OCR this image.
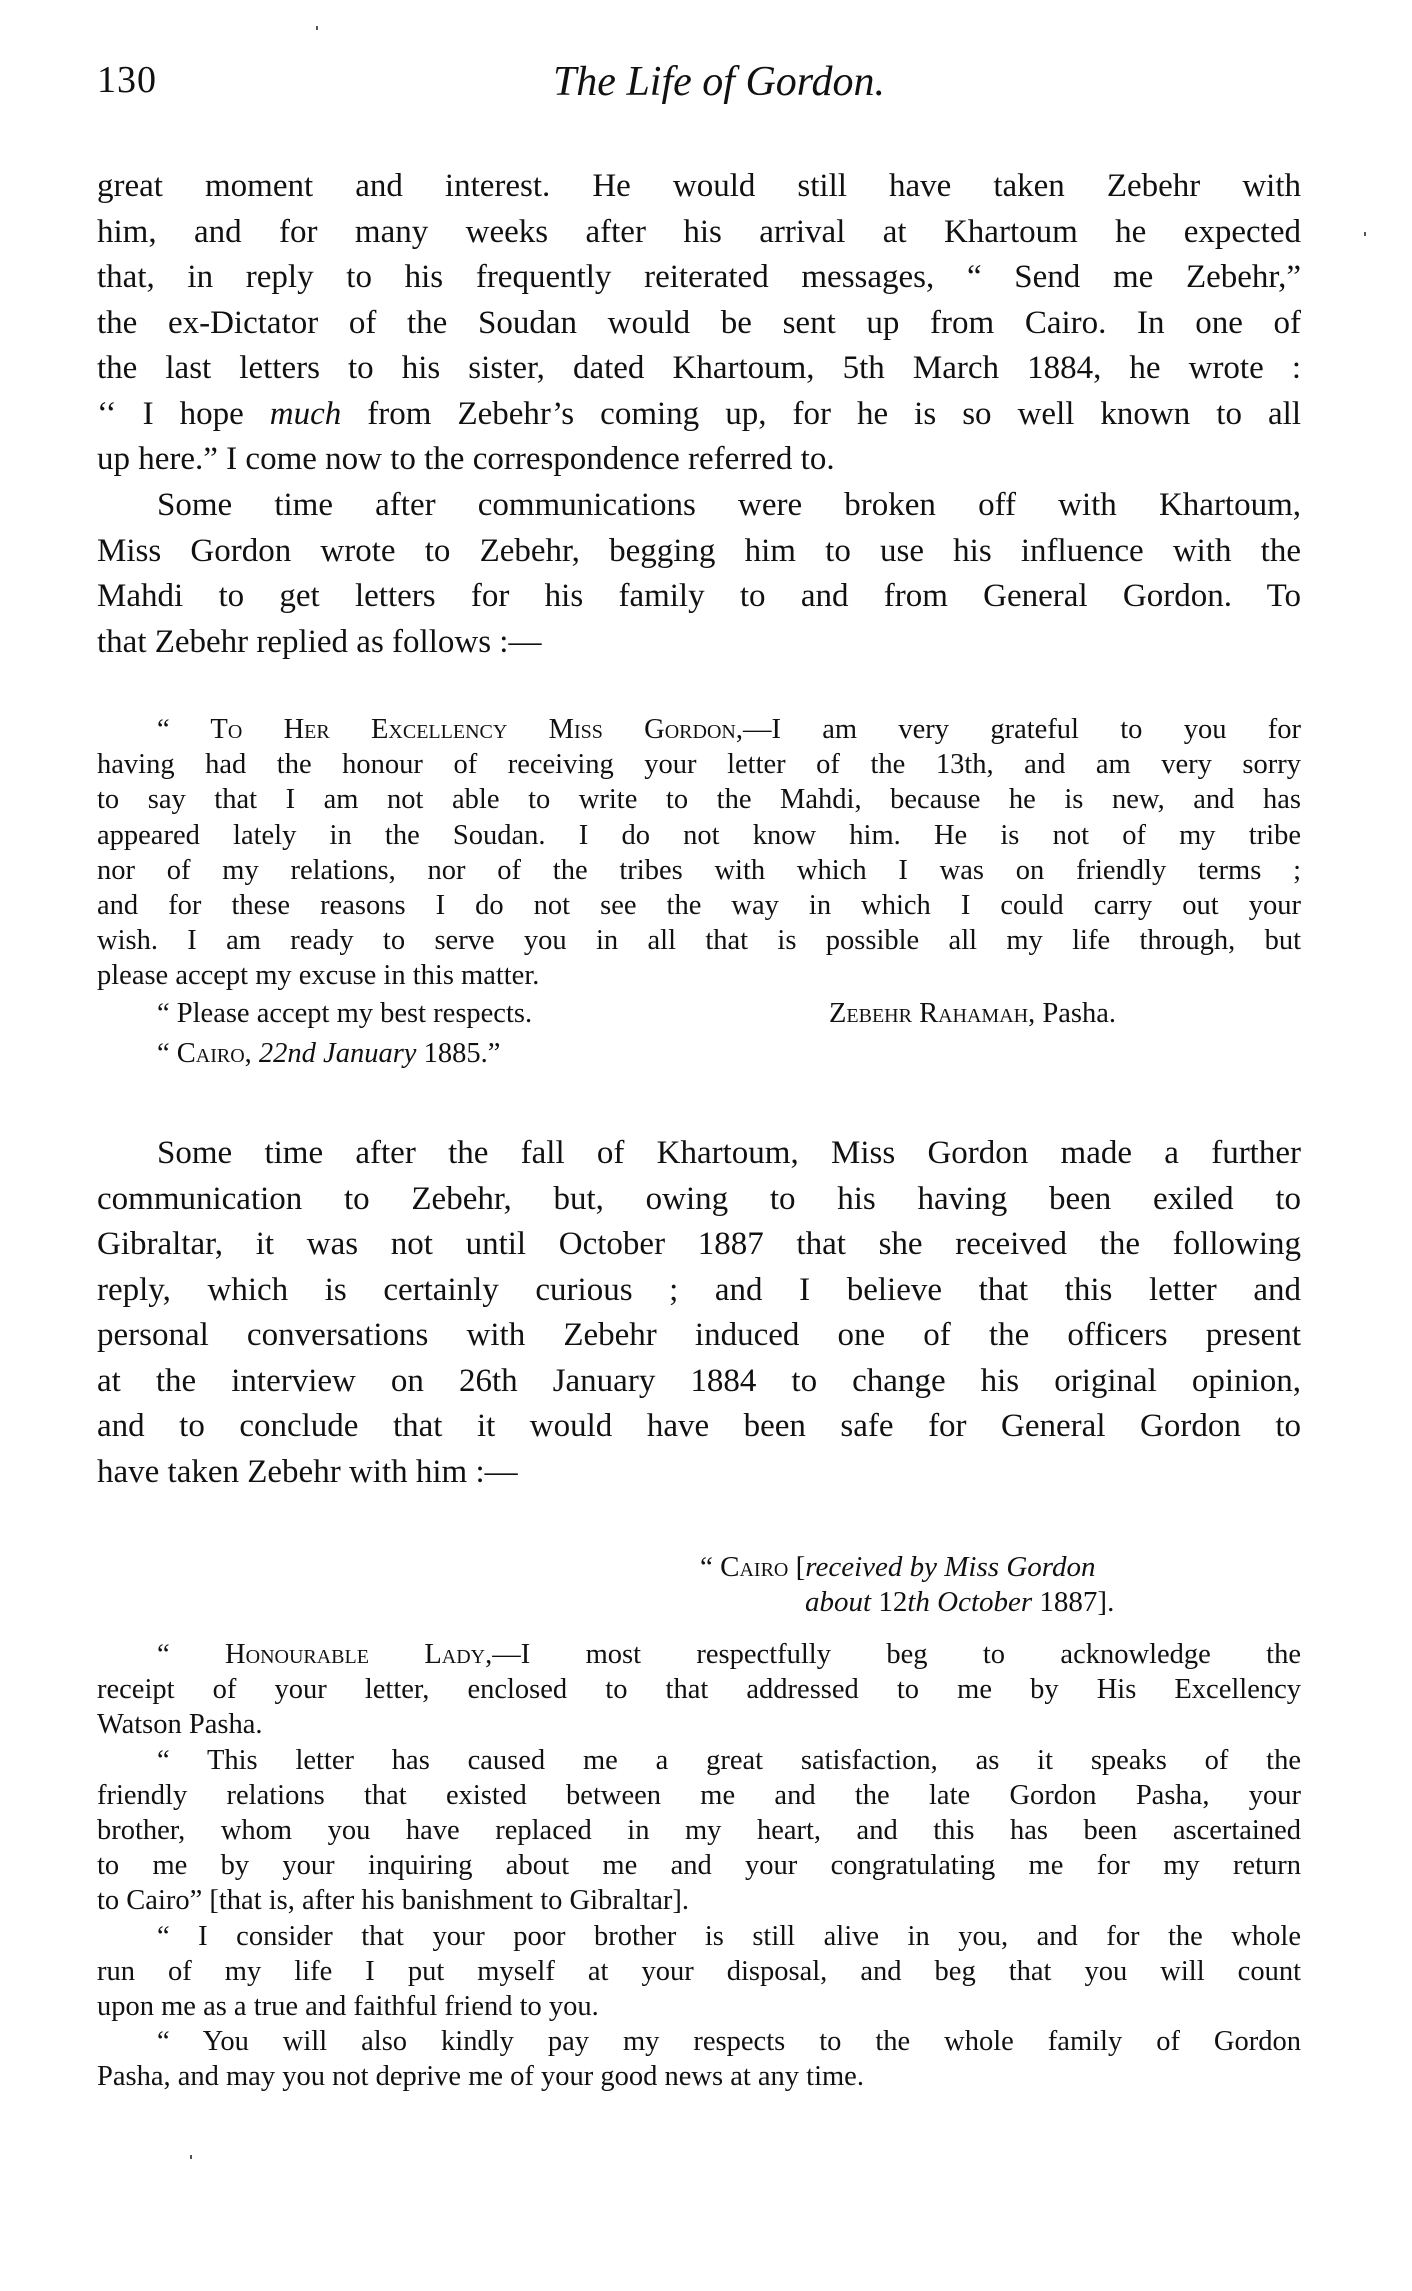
130	The Life of Gordon.
great moment and interest. He would still have taken Zebehr with
him, and for many weeks after his arrival at Khartoum he expected
that, in reply to his frequently reiterated messages, “ Send me Zebehr,”
the ex-Dictator of the Soudan would be sent up from Cairo. In one of
the last letters to his sister, dated Khartoum, 5th March 1884, he wrote :
‘‘ I hope much from Zebehr’s coming up, for he is so well known to all
up here.” I come now to the correspondence referred to.
Some time after communications were broken off with Khartoum,
Miss Gordon wrote to Zebehr, begging him to use his influence with the
Mahdi to get letters for his family to and from General Gordon. To
that Zebehr replied as follows :—
“ To Her Excellency Miss Gordon,—I am very grateful to you for
having had the honour of receiving your letter of the 13th, and am very sorry
to say that I am not able to write to the Mahdi, because he is new, and has
appeared lately in the Soudan. I do not know him. He is not of my tribe
nor of my relations, nor of the tribes with which I was on friendly terms ;
and for these reasons I do not see the way in which I could carry out your
wish. I am ready to serve you in all that is possible all my life through, but
please accept my excuse in this matter.
“ Please accept my best respects.	Zebehr Rahamah, Pasha.
“ Cairo, 22nd January 1885.”
Some time after the fall of Khartoum, Miss Gordon made a further
communication to Zebehr, but, owing to his having been exiled to
Gibraltar, it was not until October 1887 that she received the following
reply, which is certainly curious ; and I believe that this letter and
personal conversations with Zebehr induced one of the officers present
at the interview on 26th January 1884 to change his original opinion,
and to conclude that it would have been safe for General Gordon to
have taken Zebehr with him :—
“ Cairo [received by Miss Gordon
about 12th October 1887].
“ Honourable Lady,—I most respectfully beg to acknowledge the
receipt of your letter, enclosed to that addressed to me by His Excellency
Watson Pasha.
“ This letter has caused me a great satisfaction, as it speaks of the
friendly relations that existed between me and the late Gordon Pasha, your
brother, whom you have replaced in my heart, and this has been ascertained
to me by your inquiring about me and your congratulating me for my return
to Cairo” [that is, after his banishment to Gibraltar].
“ I consider that your poor brother is still alive in you, and for the whole
run of my life I put myself at your disposal, and beg that you will count
upon me as a true and faithful friend to you.
“ You will also kindly pay my respects to the whole family of Gordon
Pasha, and may you not deprive me of your good news at any time.
